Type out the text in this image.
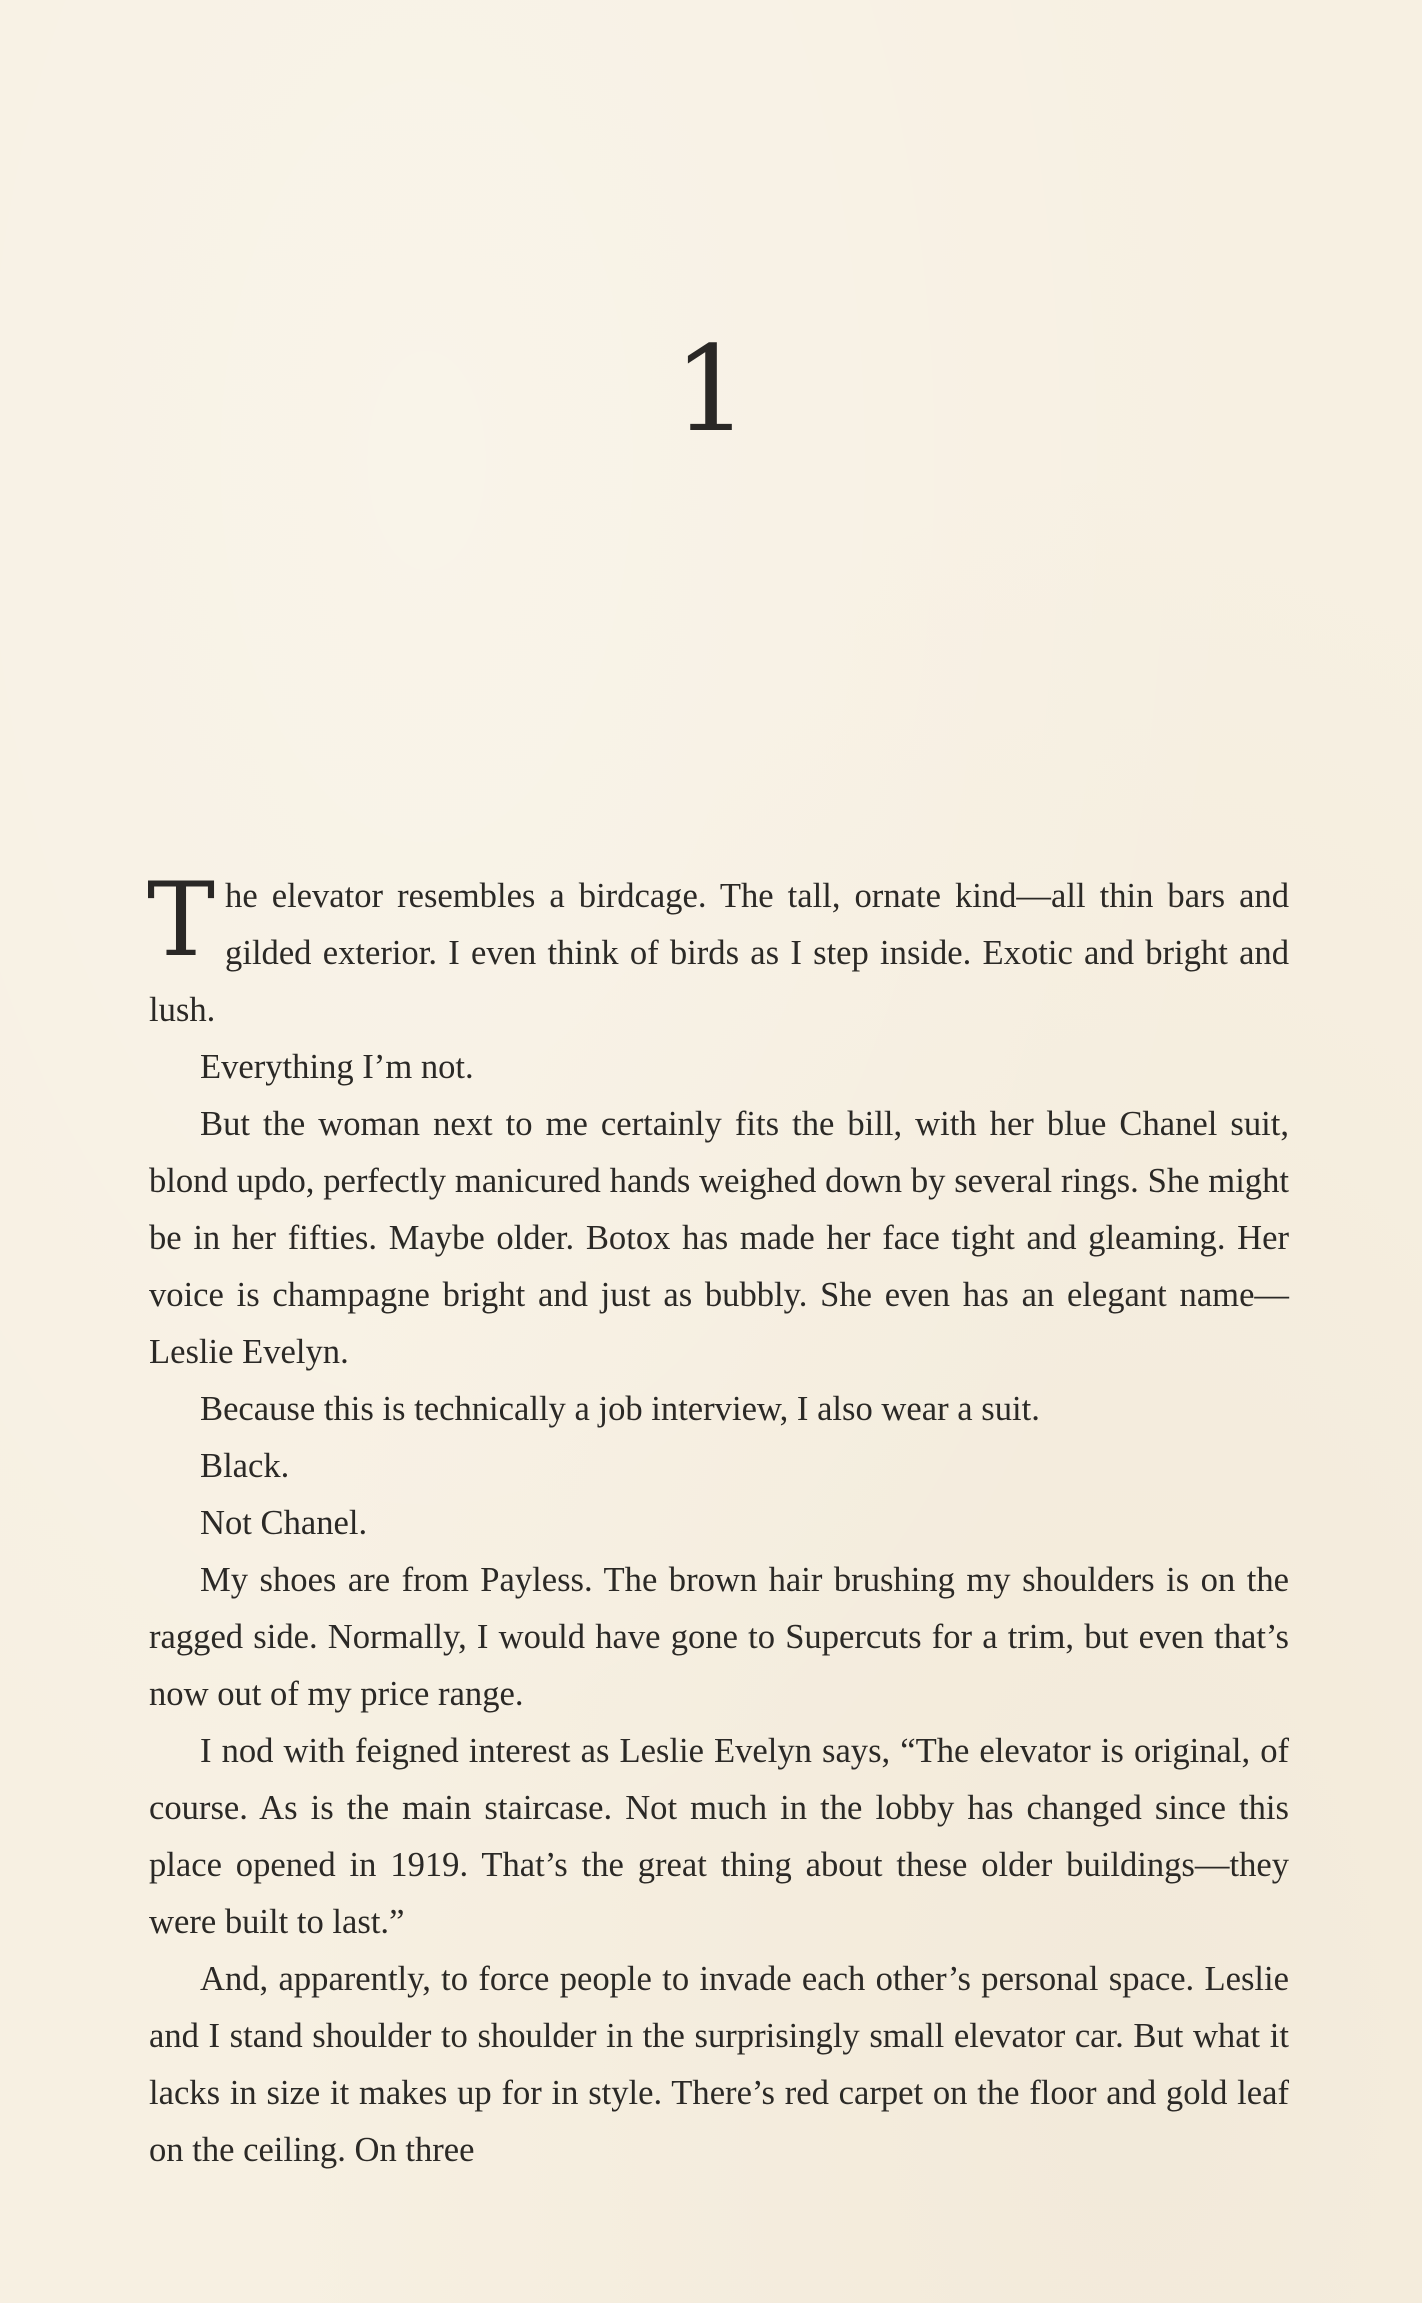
1

The elevator resembles a birdcage. The tall, ornate kind—all thin bars and gilded exterior. I even think of birds as I step inside. Exotic and bright and lush.

Everything I’m not.

But the woman next to me certainly fits the bill, with her blue Chanel suit, blond updo, perfectly manicured hands weighed down by several rings. She might be in her fifties. Maybe older. Botox has made her face tight and gleaming. Her voice is champagne bright and just as bubbly. She even has an elegant name—Leslie Evelyn.

Because this is technically a job interview, I also wear a suit.

Black.

Not Chanel.

My shoes are from Payless. The brown hair brushing my shoulders is on the ragged side. Normally, I would have gone to Supercuts for a trim, but even that’s now out of my price range.

I nod with feigned interest as Leslie Evelyn says, “The elevator is original, of course. As is the main staircase. Not much in the lobby has changed since this place opened in 1919. That’s the great thing about these older buildings—they were built to last.”

And, apparently, to force people to invade each other’s personal space. Leslie and I stand shoulder to shoulder in the surprisingly small elevator car. But what it lacks in size it makes up for in style. There’s red carpet on the floor and gold leaf on the ceiling. On three
